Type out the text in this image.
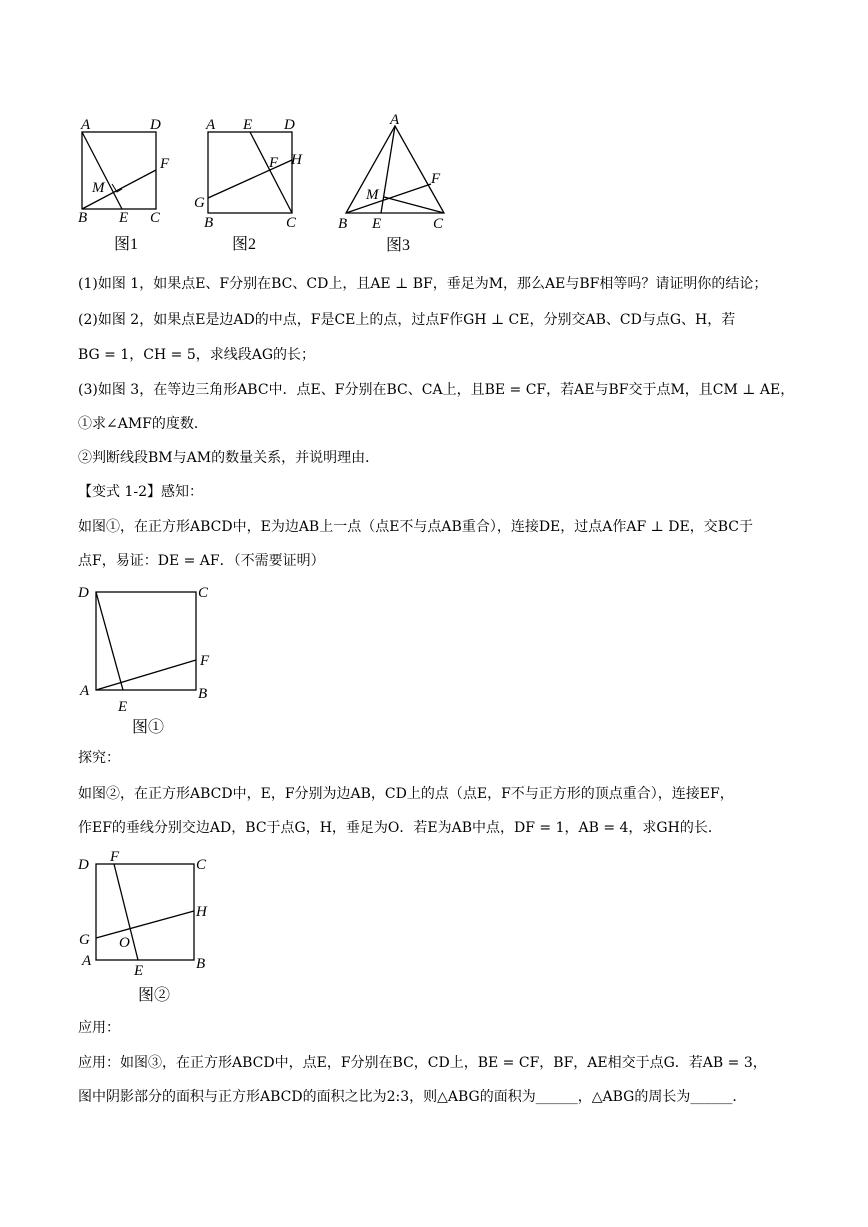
A	D
F
M
B E C
图1
A E D
H
F
G
B	C
图2
A
F
M
B E	C
图3
(1)如图 1，如果点E、F分别在BC、CD上，且AE ⊥ BF，垂足为M，那么AE与BF相等吗？请证明你的结论；
(2)如图 2，如果点E是边AD的中点，F是CE上的点，过点F作GH ⊥ CE，分别交AB、CD与点G、H，若
BG = 1，CH = 5，求线段AG的长；
(3)如图 3，在等边三角形ABC中．点E、F分别在BC、CA上，且BE = CF，若AE与BF交于点M，且CM ⊥ AE，
①求∠AMF的度数．
②判断线段BM与AM的数量关系，并说明理由．
【变式 1-2】感知：
如图①，在正方形ABCD中，E为边AB上一点（点E不与点AB重合），连接DE，过点A作AF ⊥ DE，交BC于
点F，易证：DE = AF．（不需要证明）
D	C
F
A	B
E
图①
探究：
如图②，在正方形ABCD中，E，F分别为边AB，CD上的点（点E，F不与正方形的顶点重合），连接EF，
作EF的垂线分别交边AD，BC于点G，H，垂足为O．若E为AB中点，DF = 1，AB = 4，求GH的长．
D F	C
H
G O
A
E	B
图②
应用：
应用：如图③，在正方形ABCD中，点E，F分别在BC，CD上，BE = CF，BF，AE相交于点G．若AB = 3，
图中阴影部分的面积与正方形ABCD的面积之比为2:3，则△ABG的面积为______，△ABG的周长为______．
